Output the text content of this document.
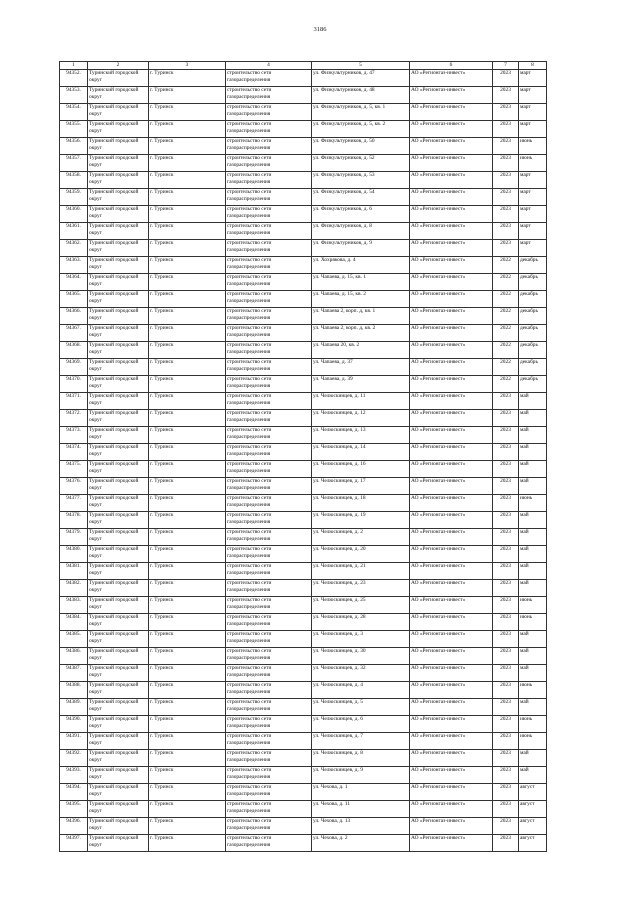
3186
1	2	3	4	5	6	7	8
94352.	Туринский городской округ	г. Туринск	строительство сети газораспределения	ул. Физкультурников, д. 47	АО «Регионгаз-инвест»	2023	март
94353.	Туринский городской округ	г. Туринск	строительство сети газораспределения	ул. Физкультурников, д. 48	АО «Регионгаз-инвест»	2023	март
94354.	Туринский городской округ	г. Туринск	строительство сети газораспределения	ул. Физкультурников, д. 5, кв. 1	АО «Регионгаз-инвест»	2023	март
94355.	Туринский городской округ	г. Туринск	строительство сети газораспределения	ул. Физкультурников, д. 5, кв. 2	АО «Регионгаз-инвест»	2023	март
94356.	Туринский городской округ	г. Туринск	строительство сети газораспределения	ул. Физкультурников, д. 50	АО «Регионгаз-инвест»	2023	июнь
94357.	Туринский городской округ	г. Туринск	строительство сети газораспределения	ул. Физкультурников, д. 52	АО «Регионгаз-инвест»	2023	июнь
94358.	Туринский городской округ	г. Туринск	строительство сети газораспределения	ул. Физкультурников, д. 53	АО «Регионгаз-инвест»	2023	март
94359.	Туринский городской округ	г. Туринск	строительство сети газораспределения	ул. Физкультурников, д. 54	АО «Регионгаз-инвест»	2023	март
94360.	Туринский городской округ	г. Туринск	строительство сети газораспределения	ул. Физкультурников, д. 6	АО «Регионгаз-инвест»	2023	март
94361.	Туринский городской округ	г. Туринск	строительство сети газораспределения	ул. Физкультурников, д. 8	АО «Регионгаз-инвест»	2023	март
94362.	Туринский городской округ	г. Туринск	строительство сети газораспределения	ул. Физкультурников, д. 9	АО «Регионгаз-инвест»	2023	март
94363.	Туринский городской округ	г. Туринск	строительство сети газораспределения	ул. Хохрякова, д. 4	АО «Регионгаз-инвест»	2022	декабрь
94364.	Туринский городской округ	г. Туринск	строительство сети газораспределения	ул. Чапаева, д. 15, кв. 1	АО «Регионгаз-инвест»	2022	декабрь
94365.	Туринский городской округ	г. Туринск	строительство сети газораспределения	ул. Чапаева, д. 15, кв. 2	АО «Регионгаз-инвест»	2022	декабрь
94366.	Туринский городской округ	г. Туринск	строительство сети газораспределения	ул. Чапаева 2, корп. д, кв. 1	АО «Регионгаз-инвест»	2022	декабрь
94367.	Туринский городской округ	г. Туринск	строительство сети газораспределения	ул. Чапаева 2, корп. д, кв. 2	АО «Регионгаз-инвест»	2022	декабрь
94368.	Туринский городской округ	г. Туринск	строительство сети газораспределения	ул. Чапаева 20, кв. 2	АО «Регионгаз-инвест»	2022	декабрь
94369.	Туринский городской округ	г. Туринск	строительство сети газораспределения	ул. Чапаева, д. 37	АО «Регионгаз-инвест»	2022	декабрь
94370.	Туринский городской округ	г. Туринск	строительство сети газораспределения	ул. Чапаева, д. 39	АО «Регионгаз-инвест»	2022	декабрь
94371.	Туринский городской округ	г. Туринск	строительство сети газораспределения	ул. Челюскинцев, д. 11	АО «Регионгаз-инвест»	2023	май
94372.	Туринский городской округ	г. Туринск	строительство сети газораспределения	ул. Челюскинцев, д. 12	АО «Регионгаз-инвест»	2023	май
94373.	Туринский городской округ	г. Туринск	строительство сети газораспределения	ул. Челюскинцев, д. 13	АО «Регионгаз-инвест»	2023	май
94374.	Туринский городской округ	г. Туринск	строительство сети газораспределения	ул. Челюскинцев, д. 14	АО «Регионгаз-инвест»	2023	май
94375.	Туринский городской округ	г. Туринск	строительство сети газораспределения	ул. Челюскинцев, д. 16	АО «Регионгаз-инвест»	2023	май
94376.	Туринский городской округ	г. Туринск	строительство сети газораспределения	ул. Челюскинцев, д. 17	АО «Регионгаз-инвест»	2023	май
94377.	Туринский городской округ	г. Туринск	строительство сети газораспределения	ул. Челюскинцев, д. 18	АО «Регионгаз-инвест»	2023	июнь
94378.	Туринский городской округ	г. Туринск	строительство сети газораспределения	ул. Челюскинцев, д. 19	АО «Регионгаз-инвест»	2023	май
94379.	Туринский городской округ	г. Туринск	строительство сети газораспределения	ул. Челюскинцев, д. 2	АО «Регионгаз-инвест»	2023	май
94380.	Туринский городской округ	г. Туринск	строительство сети газораспределения	ул. Челюскинцев, д. 20	АО «Регионгаз-инвест»	2023	май
94381.	Туринский городской округ	г. Туринск	строительство сети газораспределения	ул. Челюскинцев, д. 21	АО «Регионгаз-инвест»	2023	май
94382.	Туринский городской округ	г. Туринск	строительство сети газораспределения	ул. Челюскинцев, д. 23	АО «Регионгаз-инвест»	2023	май
94383.	Туринский городской округ	г. Туринск	строительство сети газораспределения	ул. Челюскинцев, д. 25	АО «Регионгаз-инвест»	2023	июнь
94384.	Туринский городской округ	г. Туринск	строительство сети газораспределения	ул. Челюскинцев, д. 28	АО «Регионгаз-инвест»	2023	июнь
94385.	Туринский городской округ	г. Туринск	строительство сети газораспределения	ул. Челюскинцев, д. 3	АО «Регионгаз-инвест»	2023	май
94386.	Туринский городской округ	г. Туринск	строительство сети газораспределения	ул. Челюскинцев, д. 30	АО «Регионгаз-инвест»	2023	май
94387.	Туринский городской округ	г. Туринск	строительство сети газораспределения	ул. Челюскинцев, д. 32	АО «Регионгаз-инвест»	2023	май
94388.	Туринский городской округ	г. Туринск	строительство сети газораспределения	ул. Челюскинцев, д. 4	АО «Регионгаз-инвест»	2023	июнь
94389.	Туринский городской округ	г. Туринск	строительство сети газораспределения	ул. Челюскинцев, д. 5	АО «Регионгаз-инвест»	2023	май
94390.	Туринский городской округ	г. Туринск	строительство сети газораспределения	ул. Челюскинцев, д. 6	АО «Регионгаз-инвест»	2023	июнь
94391.	Туринский городской округ	г. Туринск	строительство сети газораспределения	ул. Челюскинцев, д. 7	АО «Регионгаз-инвест»	2023	июнь
94392.	Туринский городской округ	г. Туринск	строительство сети газораспределения	ул. Челюскинцев, д. 8	АО «Регионгаз-инвест»	2023	май
94393.	Туринский городской округ	г. Туринск	строительство сети газораспределения	ул. Челюскинцев, д. 9	АО «Регионгаз-инвест»	2023	май
94394.	Туринский городской округ	г. Туринск	строительство сети газораспределения	ул. Чехова, д. 1	АО «Регионгаз-инвест»	2023	август
94395.	Туринский городской округ	г. Туринск	строительство сети газораспределения	ул. Чехова, д. 11	АО «Регионгаз-инвест»	2023	август
94396.	Туринский городской округ	г. Туринск	строительство сети газораспределения	ул. Чехова, д. 13	АО «Регионгаз-инвест»	2023	август
94397.	Туринский городской округ	г. Туринск	строительство сети газораспределения	ул. Чехова, д. 2	АО «Регионгаз-инвест»	2023	август
